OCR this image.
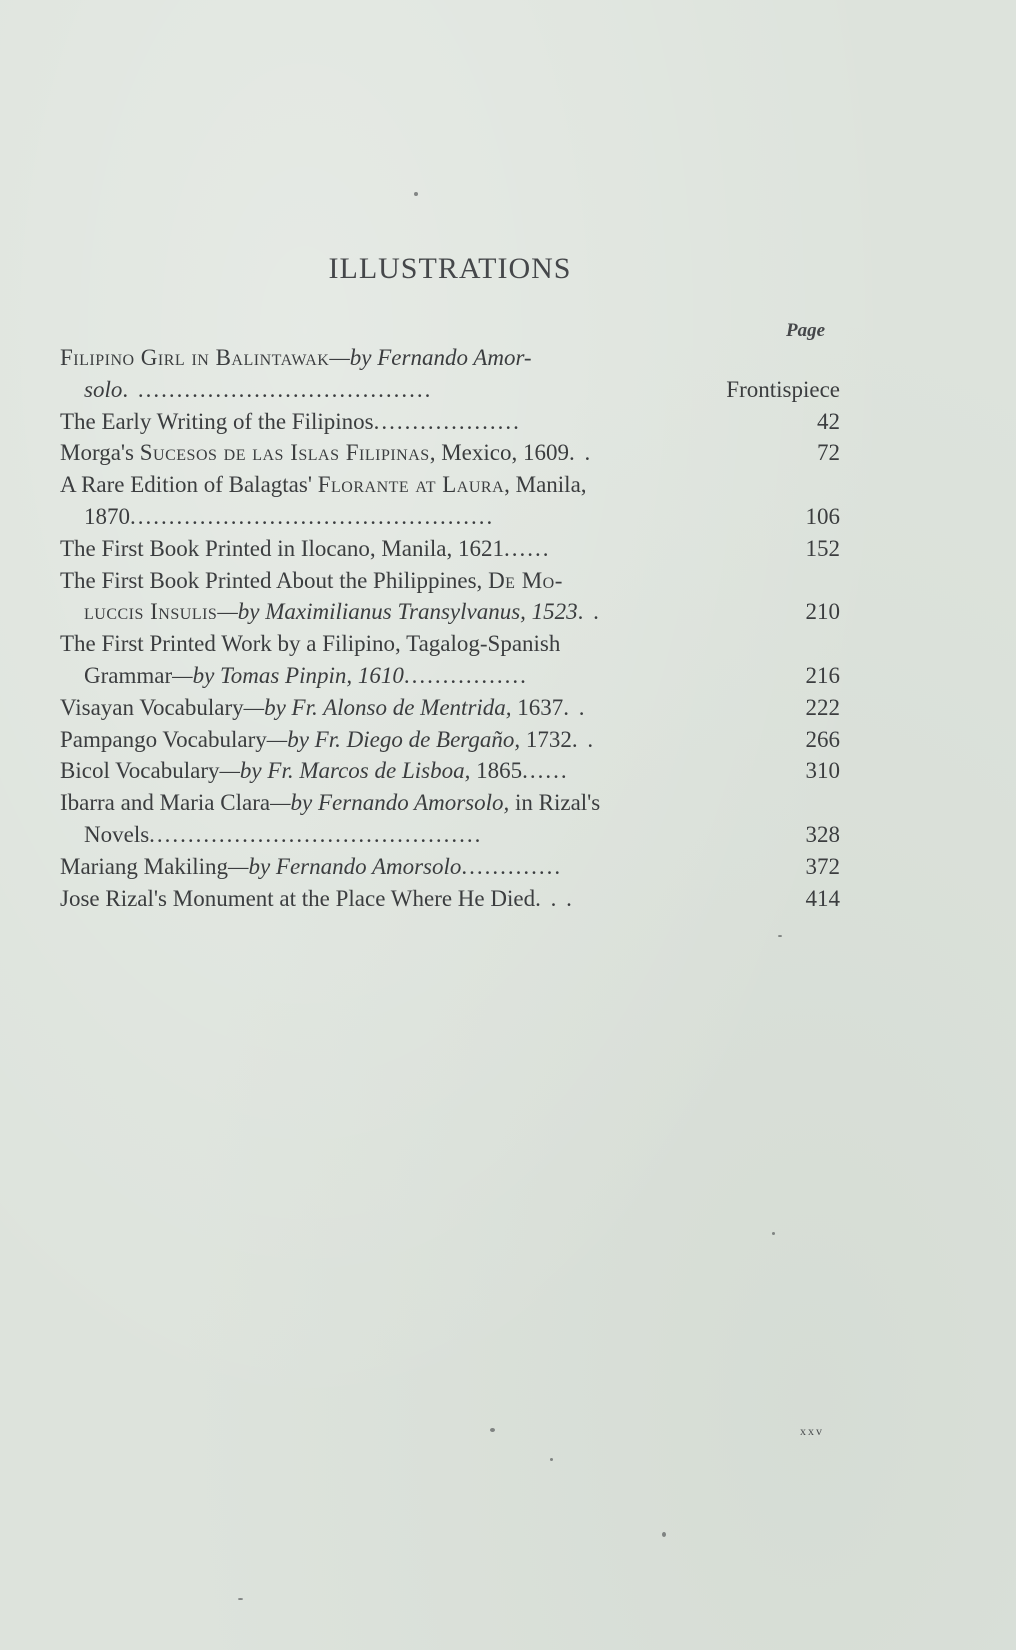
ILLUSTRATIONS
Page
Filipino Girl in Balintawak—by Fernando Amor-
solo. ......................................	Frontispiece
The Early Writing of the Filipinos...................	42
Morga's Sucesos de las Islas Filipinas, Mexico, 1609. .	72
A Rare Edition of Balagtas' Florante at Laura, Manila,
1870...............................................	106
The First Book Printed in Ilocano, Manila, 1621......	152
The First Book Printed About the Philippines, De Mo-
luccis Insulis—by Maximilianus Transylvanus, 1523. .	210
The First Printed Work by a Filipino, Tagalog-Spanish
Grammar—by Tomas Pinpin, 1610................	216
Visayan Vocabulary—by Fr. Alonso de Mentrida, 1637. .	222
Pampango Vocabulary—by Fr. Diego de Bergaño, 1732. .	266
Bicol Vocabulary—by Fr. Marcos de Lisboa, 1865......	310
Ibarra and Maria Clara—by Fernando Amorsolo, in Rizal's
Novels...........................................	328
Mariang Makiling—by Fernando Amorsolo.............	372
Jose Rizal's Monument at the Place Where He Died. . .	414
xxv
